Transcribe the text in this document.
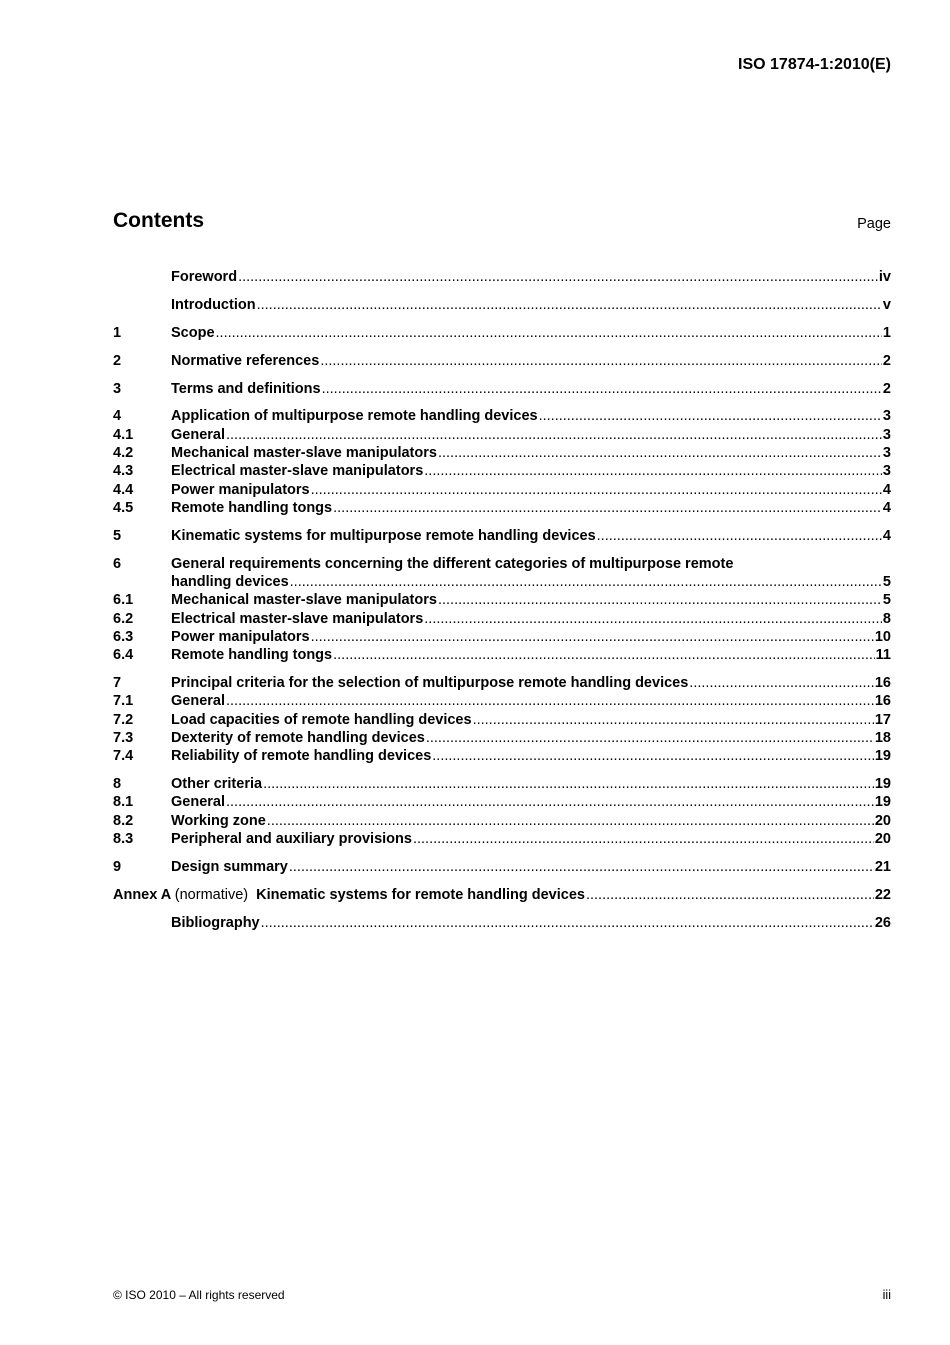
ISO 17874-1:2010(E)
Contents	Page
Foreword .....	iv
Introduction .....	v
1	Scope .....	1
2	Normative references .....	2
3	Terms and definitions .....	2
4	Application of multipurpose remote handling devices .....	3
4.1	General .....	3
4.2	Mechanical master-slave manipulators .....	3
4.3	Electrical master-slave manipulators .....	3
4.4	Power manipulators .....	4
4.5	Remote handling tongs .....	4
5	Kinematic systems for multipurpose remote handling devices .....	4
6	General requirements concerning the different categories of multipurpose remote
handling devices .....	5
6.1	Mechanical master-slave manipulators .....	5
6.2	Electrical master-slave manipulators .....	8
6.3	Power manipulators .....	10
6.4	Remote handling tongs .....	11
7	Principal criteria for the selection of multipurpose remote handling devices .....	16
7.1	General .....	16
7.2	Load capacities of remote handling devices .....	17
7.3	Dexterity of remote handling devices .....	18
7.4	Reliability of remote handling devices .....	19
8	Other criteria .....	19
8.1	General .....	19
8.2	Working zone .....	20
8.3	Peripheral and auxiliary provisions .....	20
9	Design summary .....	21
Annex A (normative) Kinematic systems for remote handling devices .....	22
Bibliography .....	26
© ISO 2010 – All rights reserved	iii
